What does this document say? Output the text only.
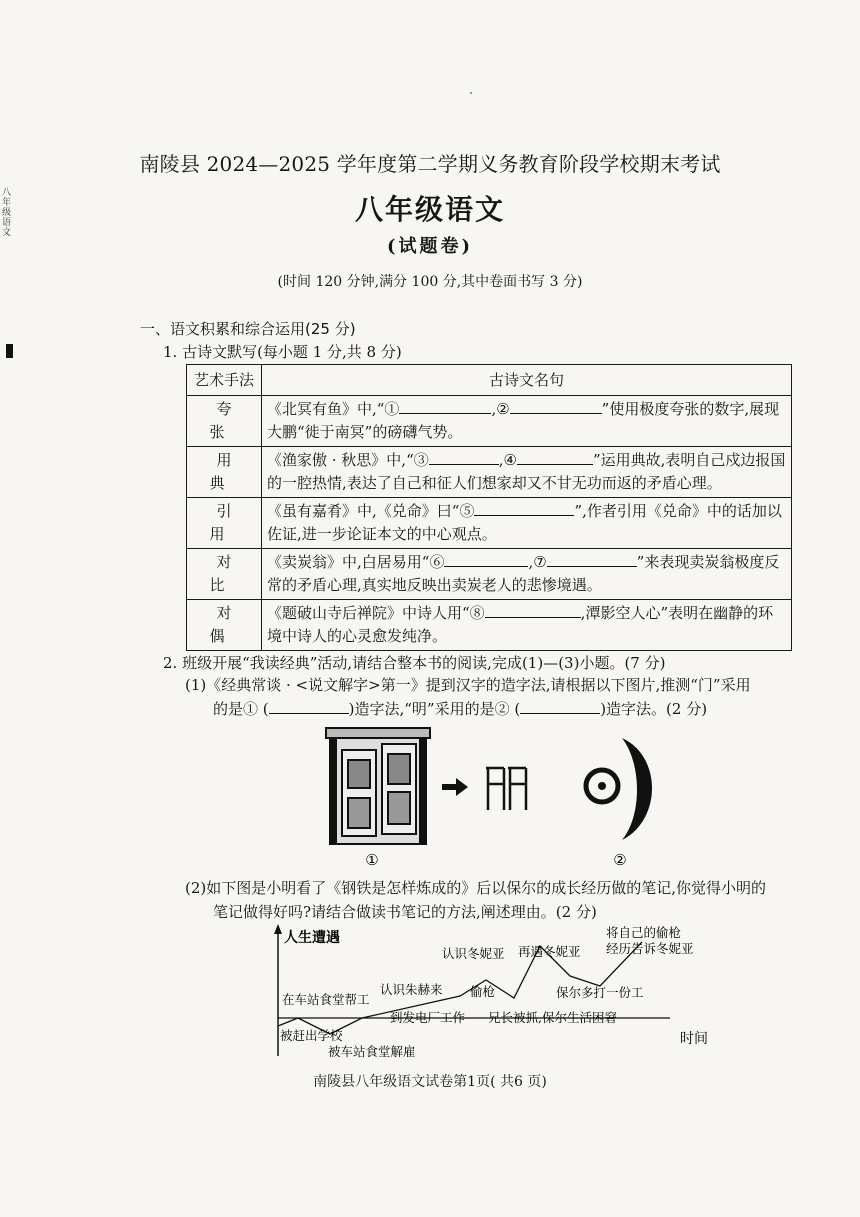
八年级语文
南陵县 2024—2025 学年度第二学期义务教育阶段学校期末考试
八年级语文
(试题卷)
(时间 120 分钟,满分 100 分,其中卷面书写 3 分)
一、语文积累和综合运用(25 分)
1. 古诗文默写(每小题 1 分,共 8 分)
艺术手法	古诗文名句
夸张	《北冥有鱼》中,“① ,② ”使用极度夸张的数字,展现大鹏“徙于南冥”的磅礴气势。
用典	《渔家傲 · 秋思》中,“③ ,④ ”运用典故,表明自己戍边报国的一腔热情,表达了自己和征人们想家却又不甘无功而返的矛盾心理。
引用	《虽有嘉肴》中,《兑命》曰“⑤ ”,作者引用《兑命》中的话加以佐证,进一步论证本文的中心观点。
对比	《卖炭翁》中,白居易用“⑥ ,⑦ ”来表现卖炭翁极度反常的矛盾心理,真实地反映出卖炭老人的悲惨境遇。
对偶	《题破山寺后禅院》中诗人用“⑧ ,潭影空人心”表明在幽静的环境中诗人的心灵愈发纯净。
2. 班级开展“我读经典”活动,请结合整本书的阅读,完成(1)—(3)小题。(7 分)
(1)《经典常谈 · <说文解字>第一》提到汉字的造字法,请根据以下图片,推测“门”采用
的是① (	)造字法,“明”采用的是② (	)造字法。(2 分)
①	②
(2)如下图是小明看了《钢铁是怎样炼成的》后以保尔的成长经历做的笔记,你觉得小明的
笔记做得好吗?请结合做读书笔记的方法,阐述理由。(2 分)
人生遭遇
时间
被赶出学校
在车站食堂帮工
被车站食堂解雇
到发电厂工作
认识朱赫来 偷枪
认识冬妮亚
兄长被抓,保尔生活困窘
再遇冬妮亚
保尔多打一份工
将自己的偷枪
经历告诉冬妮亚
南陵县八年级语文试卷第1页( 共6 页)
